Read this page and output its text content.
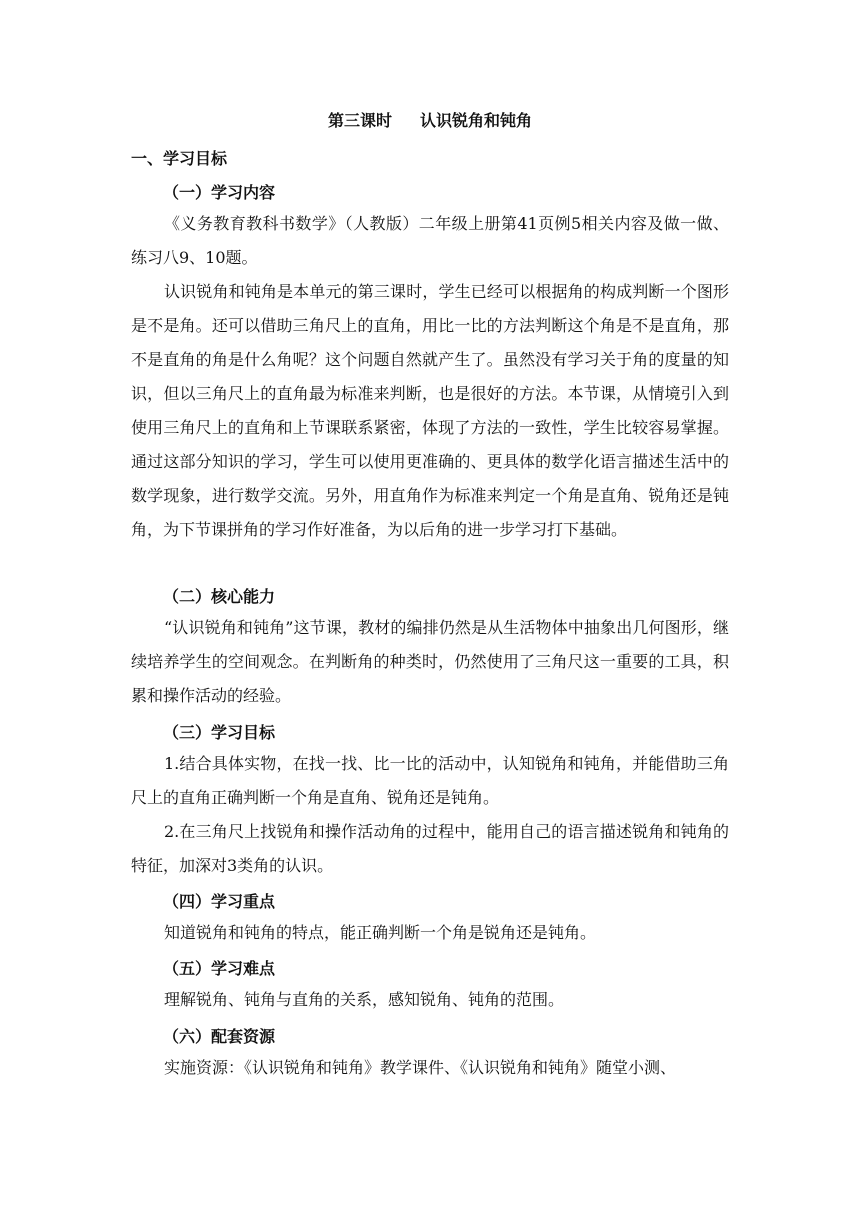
第三课时 认识锐角和钝角
一、学习目标
（一）学习内容

《义务教育教科书数学》（人教版）二年级上册第41页例5相关内容及做一做、练习八9、10题。

认识锐角和钝角是本单元的第三课时，学生已经可以根据角的构成判断一个图形是不是角。还可以借助三角尺上的直角，用比一比的方法判断这个角是不是直角，那不是直角的角是什么角呢？这个问题自然就产生了。虽然没有学习关于角的度量的知识，但以三角尺上的直角最为标准来判断，也是很好的方法。本节课，从情境引入到使用三角尺上的直角和上节课联系紧密，体现了方法的一致性，学生比较容易掌握。通过这部分知识的学习，学生可以使用更准确的、更具体的数学化语言描述生活中的数学现象，进行数学交流。另外，用直角作为标准来判定一个角是直角、锐角还是钝角，为下节课拼角的学习作好准备，为以后角的进一步学习打下基础。

（二）核心能力

“认识锐角和钝角”这节课，教材的编排仍然是从生活物体中抽象出几何图形，继续培养学生的空间观念。在判断角的种类时，仍然使用了三角尺这一重要的工具，积累和操作活动的经验。

（三）学习目标

1.结合具体实物，在找一找、比一比的活动中，认知锐角和钝角，并能借助三角尺上的直角正确判断一个角是直角、锐角还是钝角。

2.在三角尺上找锐角和操作活动角的过程中，能用自己的语言描述锐角和钝角的特征，加深对3类角的认识。

（四）学习重点

知道锐角和钝角的特点，能正确判断一个角是锐角还是钝角。

（五）学习难点

理解锐角、钝角与直角的关系，感知锐角、钝角的范围。

（六）配套资源

实施资源：《认识锐角和钝角》教学课件、《认识锐角和钝角》随堂小测、
